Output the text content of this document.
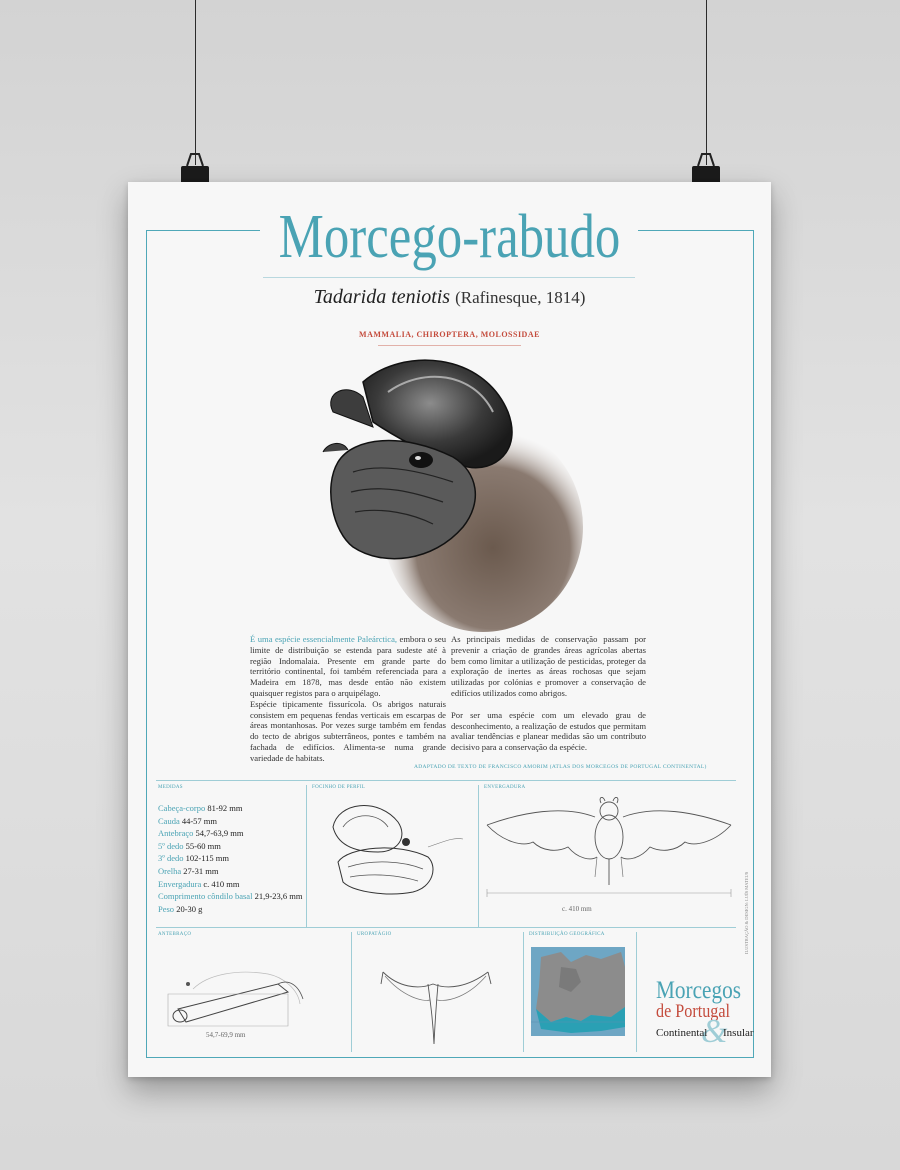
Morcego-rabudo
Tadarida teniotis (Rafinesque, 1814)
MAMMALIA, CHIROPTERA, MOLOSSIDAE

É uma espécie essencialmente Paleárctica, embora o seu limite de distribuição se estenda para sudeste até à região Indomalaia. Presente em grande parte do território continental, foi também referenciada para a Madeira em 1878, mas desde então não existem quaisquer registos para o arquipélago.

Espécie tipicamente fissurícola. Os abrigos naturais consistem em pequenas fendas verticais em escarpas de áreas montanhosas. Por vezes surge também em fendas do tecto de abrigos subterrâneos, pontes e também na fachada de edifícios. Alimenta-se numa grande variedade de habitats.

As principais medidas de conservação passam por prevenir a criação de grandes áreas agrícolas abertas bem como limitar a utilização de pesticidas, proteger da exploração de inertes as áreas rochosas que sejam utilizadas por colónias e promover a conservação de edifícios utilizados como abrigos.

Por ser uma espécie com um elevado grau de desconhecimento, a realização de estudos que permitam avaliar tendências e planear medidas são um contributo decisivo para a conservação da espécie.

ADAPTADO DE TEXTO DE FRANCISCO AMORIM (ATLAS DOS MORCEGOS DE PORTUGAL CONTINENTAL)
MEDIDAS	FOCINHO DE PERFIL	ENVERGADURA
ANTEBRAÇO	UROPATÁGIO	DISTRIBUIÇÃO GEOGRÁFICA
Cabeça-corpo 81-92 mm
Cauda 44-57 mm
Antebraço 54,7-63,9 mm
5º dedo 55-60 mm
3º dedo 102-115 mm
Orelha 27-31 mm
Envergadura c. 410 mm
Comprimento côndilo basal 21,9-23,6 mm
Peso 20-30 g	c. 410 mm
54,7-69,9 mm
ILUSTRAÇÃO & DESIGN: LUÍS MATEUS
Morcegos
de Portugal
&
Continental Insular
